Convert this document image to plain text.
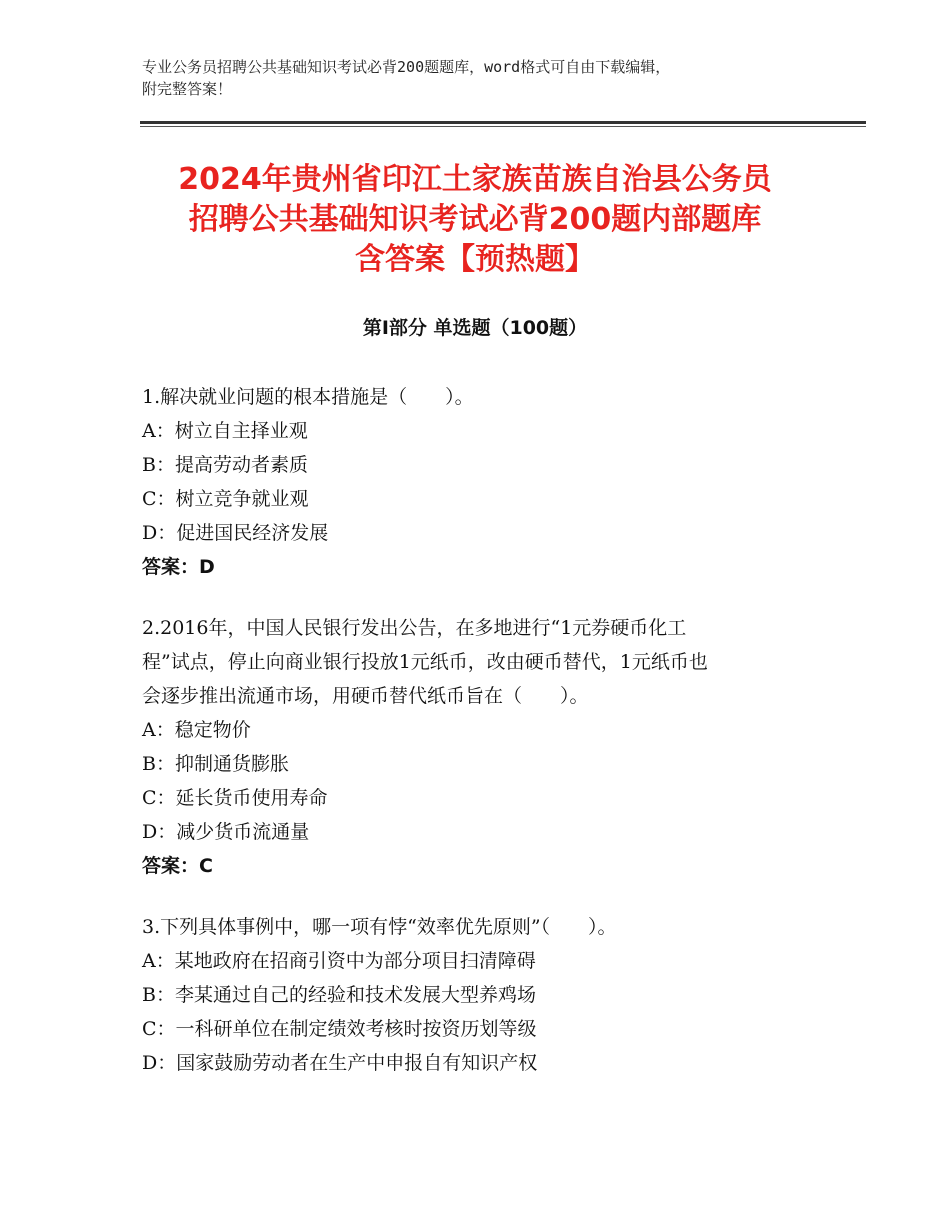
专业公务员招聘公共基础知识考试必背200题题库，word格式可自由下载编辑，
附完整答案！
2024年贵州省印江土家族苗族自治县公务员
招聘公共基础知识考试必背200题内部题库
含答案【预热题】
第Ⅰ部分 单选题（100题）
1.解决就业问题的根本措施是（　　）。
A：树立自主择业观
B：提高劳动者素质
C：树立竞争就业观
D：促进国民经济发展
答案：D
2.2016年，中国人民银行发出公告，在多地进行“1元券硬币化工
程”试点，停止向商业银行投放1元纸币，改由硬币替代，1元纸币也
会逐步推出流通市场，用硬币替代纸币旨在（　　）。
A：稳定物价
B：抑制通货膨胀
C：延长货币使用寿命
D：减少货币流通量
答案：C
3.下列具体事例中，哪一项有悖“效率优先原则”（　　）。
A：某地政府在招商引资中为部分项目扫清障碍
B：李某通过自己的经验和技术发展大型养鸡场
C：一科研单位在制定绩效考核时按资历划等级
D：国家鼓励劳动者在生产中申报自有知识产权
